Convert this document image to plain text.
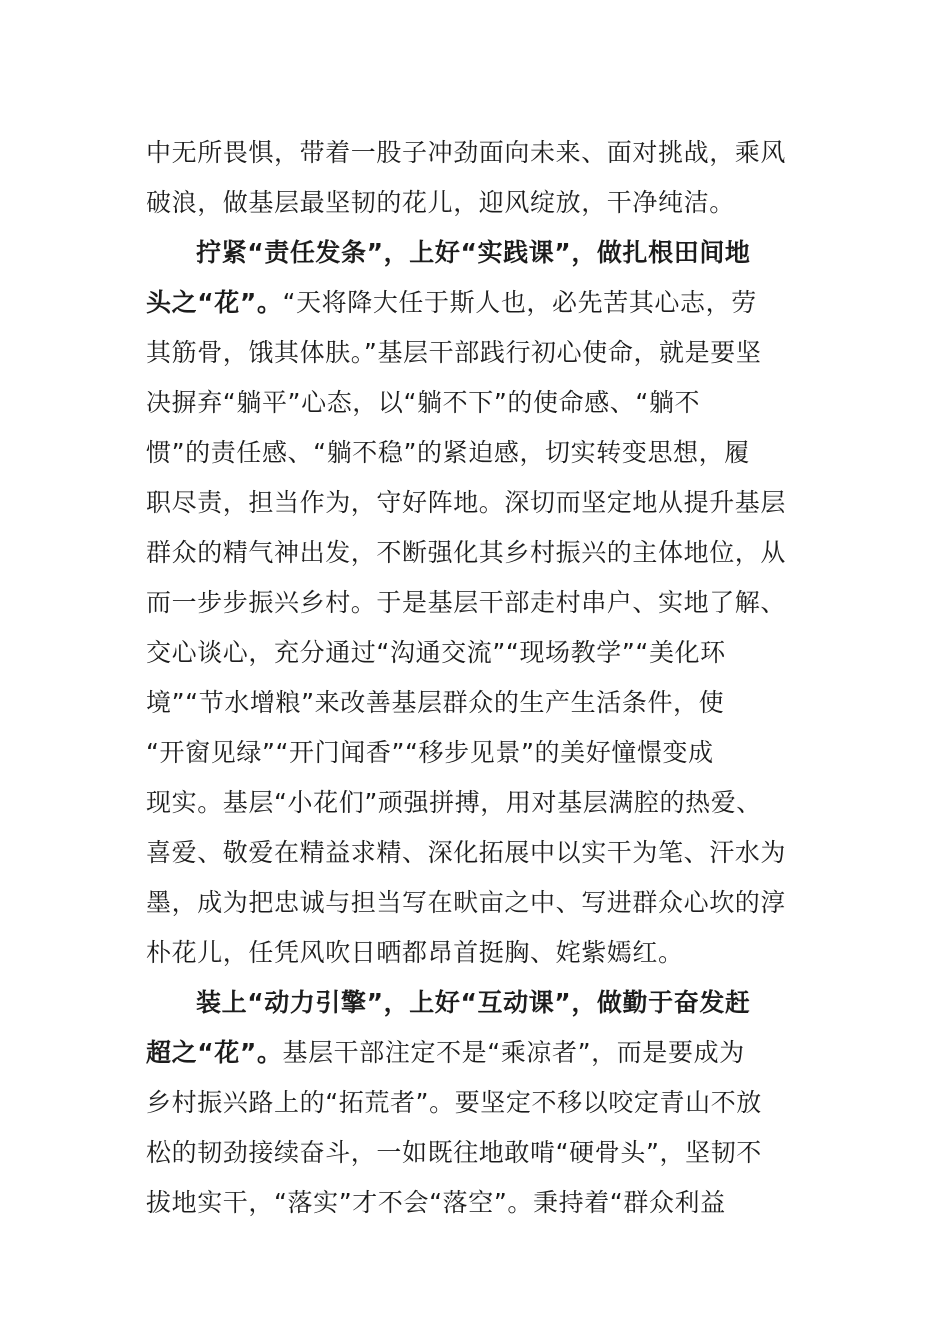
中无所畏惧，带着一股子冲劲面向未来、面对挑战，乘风
破浪，做基层最坚韧的花儿，迎风绽放，干净纯洁。
拧紧“责任发条”，上好“实践课”，做扎根田间地
头之“花”。“天将降大任于斯人也，必先苦其心志，劳
其筋骨，饿其体肤。”基层干部践行初心使命，就是要坚
决摒弃“躺平”心态，以“躺不下”的使命感、“躺不
惯”的责任感、“躺不稳”的紧迫感，切实转变思想，履
职尽责，担当作为，守好阵地。深切而坚定地从提升基层
群众的精气神出发，不断强化其乡村振兴的主体地位，从
而一步步振兴乡村。于是基层干部走村串户、实地了解、
交心谈心，充分通过“沟通交流”“现场教学”“美化环
境”“节水增粮”来改善基层群众的生产生活条件，使
“开窗见绿”“开门闻香”“移步见景”的美好憧憬变成
现实。基层“小花们”顽强拼搏，用对基层满腔的热爱、
喜爱、敬爱在精益求精、深化拓展中以实干为笔、汗水为
墨，成为把忠诚与担当写在畎亩之中、写进群众心坎的淳
朴花儿，任凭风吹日晒都昂首挺胸、姹紫嫣红。
装上“动力引擎”，上好“互动课”，做勤于奋发赶
超之“花”。基层干部注定不是“乘凉者”，而是要成为
乡村振兴路上的“拓荒者”。要坚定不移以咬定青山不放
松的韧劲接续奋斗，一如既往地敢啃“硬骨头”，坚韧不
拔地实干，“落实”才不会“落空”。秉持着“群众利益
